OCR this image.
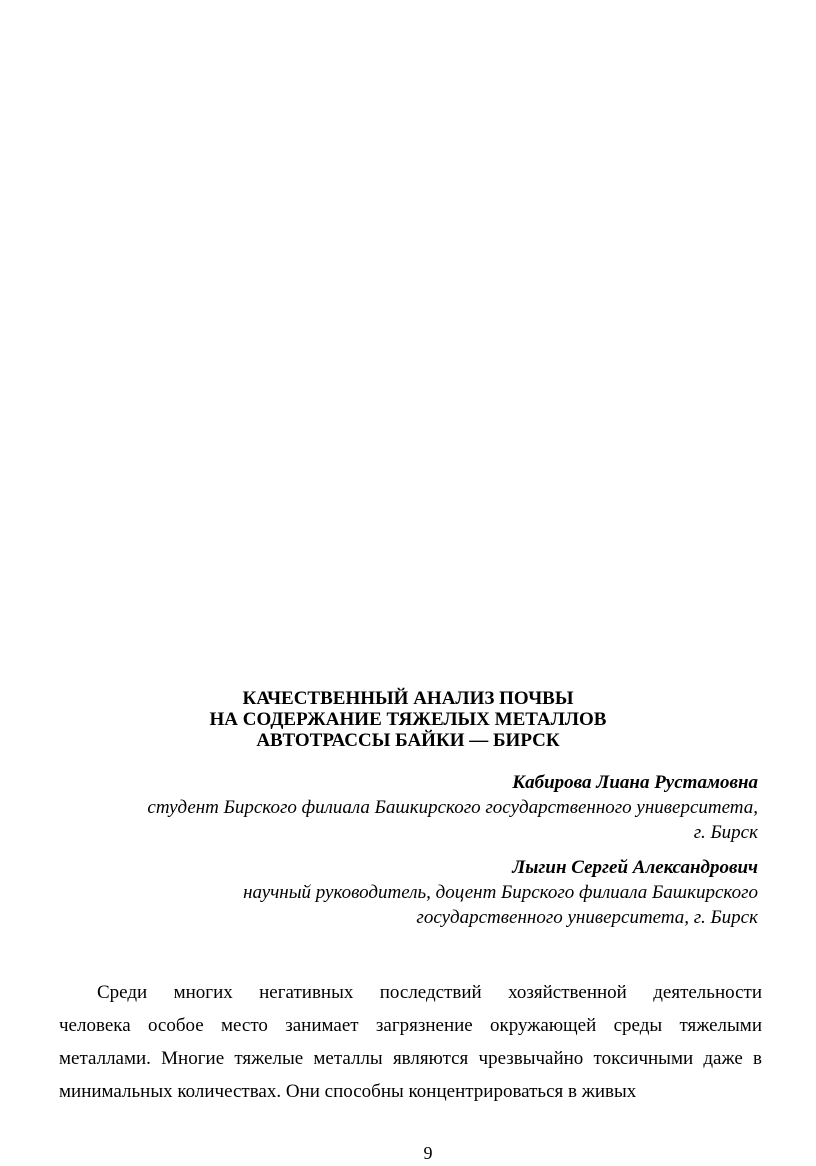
КАЧЕСТВЕННЫЙ АНАЛИЗ ПОЧВЫ
НА СОДЕРЖАНИЕ ТЯЖЕЛЫХ МЕТАЛЛОВ
АВТОТРАССЫ БАЙКИ — БИРСК
Кабирова Лиана Рустамовна
студент Бирского филиала Башкирского государственного университета,
г. Бирск
Лыгин Сергей Александрович
научный руководитель, доцент Бирского филиала Башкирского
государственного университета, г. Бирск
Среди многих негативных последствий хозяйственной деятельности
человека особое место занимает загрязнение окружающей среды тяжелыми
металлами. Многие тяжелые металлы являются чрезвычайно токсичными даже в
минимальных количествах. Они способны концентрироваться в живых
9
